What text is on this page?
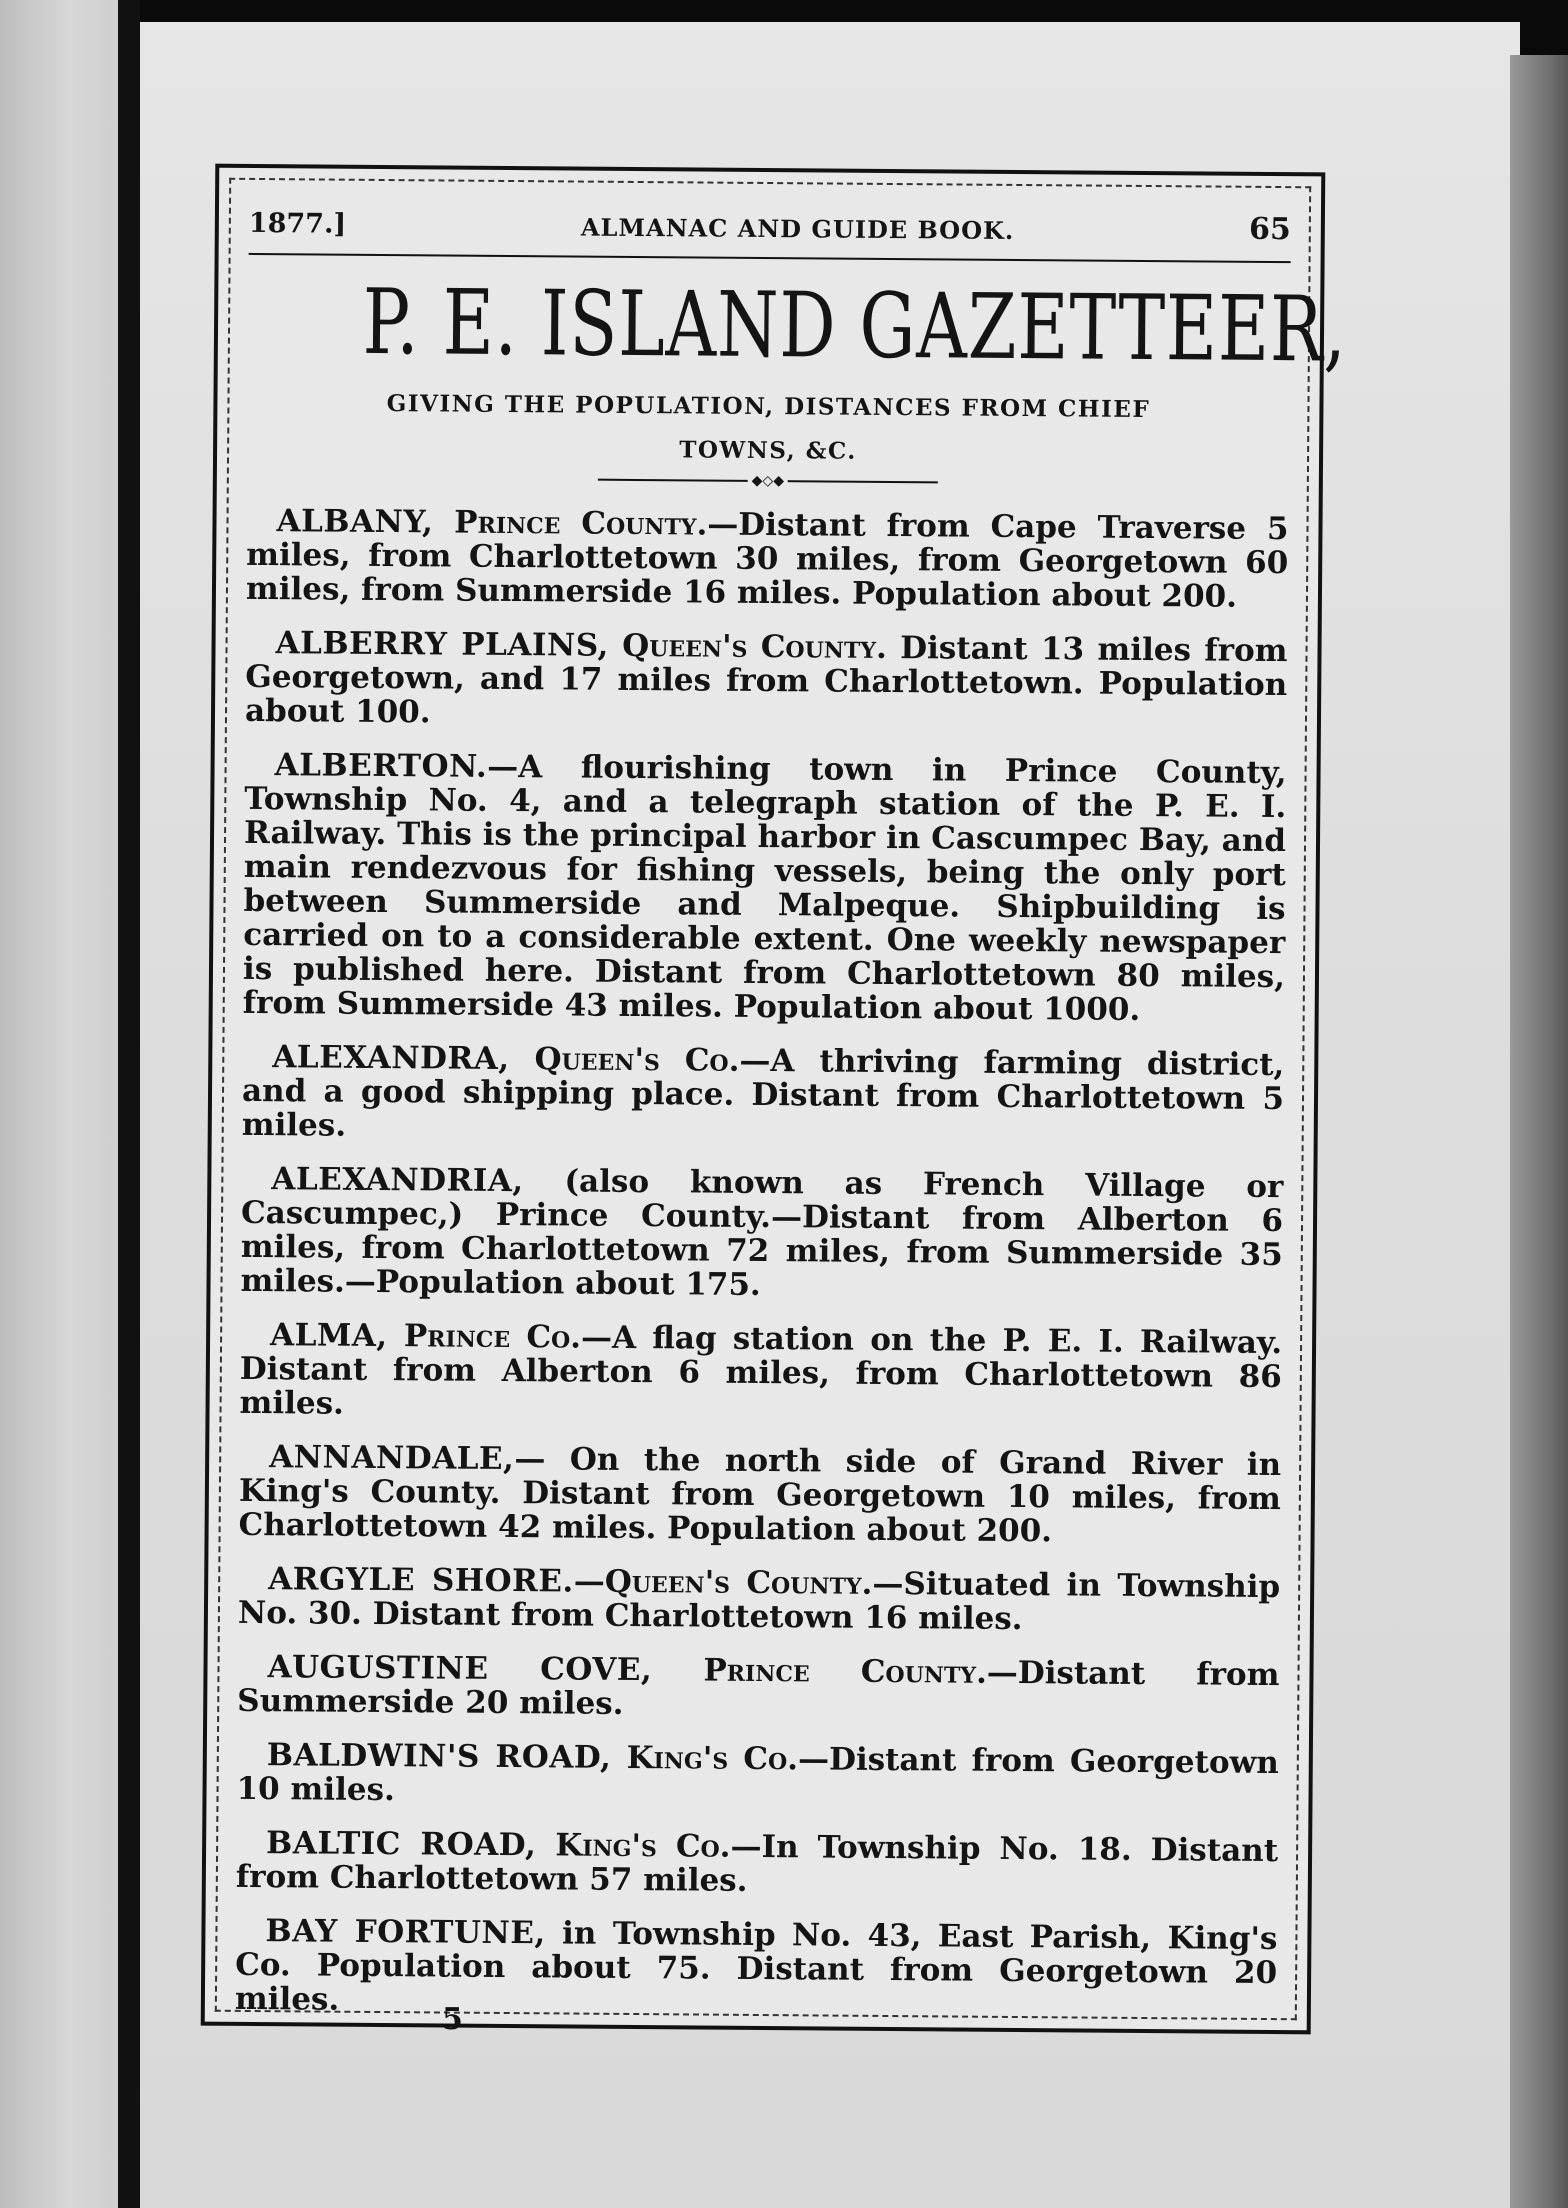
1877.]	ALMANAC AND GUIDE BOOK.	65
P. E. ISLAND GAZETTEER,
GIVING THE POPULATION, DISTANCES FROM CHIEF
TOWNS, &C.
◆◇◆
ALBANY, Prince County.—Distant from Cape Traverse 5 miles, from Charlottetown 30 miles, from Georgetown 60 miles, from Summerside 16 miles. Population about 200.
ALBERRY PLAINS, Queen's County. Distant 13 miles from Georgetown, and 17 miles from Charlottetown. Population about 100.
ALBERTON.—A flourishing town in Prince County, Township No. 4, and a telegraph station of the P. E. I. Railway. This is the principal harbor in Cascumpec Bay, and main rendezvous for fishing vessels, being the only port between Summerside and Malpeque. Shipbuilding is carried on to a considerable extent. One weekly newspaper is published here. Distant from Charlottetown 80 miles, from Summerside 43 miles. Population about 1000.
ALEXANDRA, Queen's Co.—A thriving farming district, and a good shipping place. Distant from Charlottetown 5 miles.
ALEXANDRIA, (also known as French Village or Cascumpec,) Prince County.—Distant from Alberton 6 miles, from Charlottetown 72 miles, from Summerside 35 miles.—Population about 175.
ALMA, Prince Co.—A flag station on the P. E. I. Railway. Distant from Alberton 6 miles, from Charlottetown 86 miles.
ANNANDALE,— On the north side of Grand River in King's County. Distant from Georgetown 10 miles, from Charlottetown 42 miles. Population about 200.
ARGYLE SHORE.—Queen's County.—Situated in Township No. 30. Distant from Charlottetown 16 miles.
AUGUSTINE COVE, Prince County.—Distant from Summerside 20 miles.
BALDWIN'S ROAD, King's Co.—Distant from Georgetown 10 miles.
BALTIC ROAD, King's Co.—In Township No. 18. Distant from Charlottetown 57 miles.
BAY FORTUNE, in Township No. 43, East Parish, King's Co. Population about 75. Distant from Georgetown 20 miles.
5
